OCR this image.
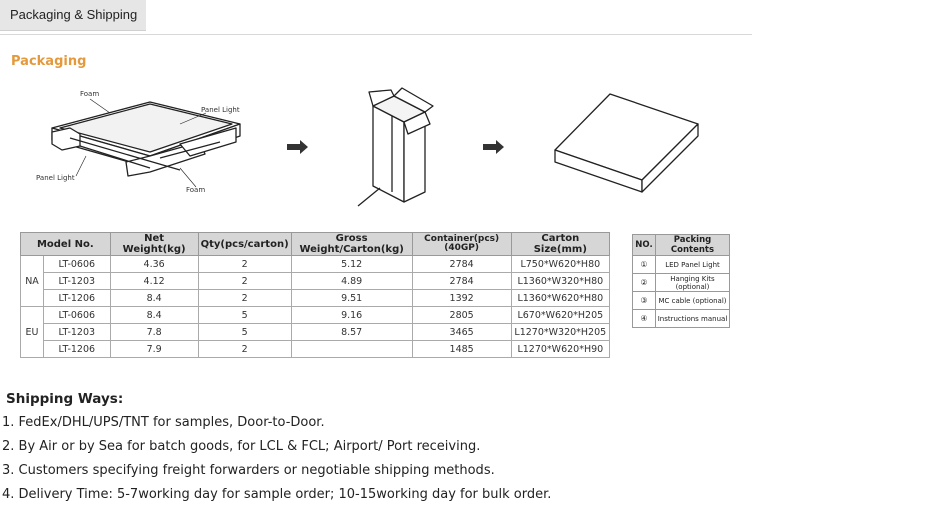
Packaging & Shipping
Packaging
Foam
Panel Light
Panel Light
Foam
Model No.		Net Weight(kg)	Qty(pcs/carton)	Gross Weight/Carton(kg)	Container(pcs) (40GP)	Carton Size(mm)
NA	LT-0606	4.36	2	5.12	2784	L750*W620*H80
	LT-1203	4.12	2	4.89	2784	L1360*W320*H80
	LT-1206	8.4	2	9.51	1392	L1360*W620*H80
EU	LT-0606	8.4	5	9.16	2805	L670*W620*H205
	LT-1203	7.8	5	8.57	3465	L1270*W320*H205
	LT-1206	7.9	2		1485	L1270*W620*H90
NO.	Packing Contents
①	LED Panel Light
②	Hanging Kits (optional)
③	MC cable (optional)
④	Instructions manual
Shipping Ways:
1. FedEx/DHL/UPS/TNT for samples, Door-to-Door.
2. By Air or by Sea for batch goods, for LCL & FCL; Airport/ Port receiving.
3. Customers specifying freight forwarders or negotiable shipping methods.
4. Delivery Time: 5-7working day for sample order; 10-15working day for bulk order.
